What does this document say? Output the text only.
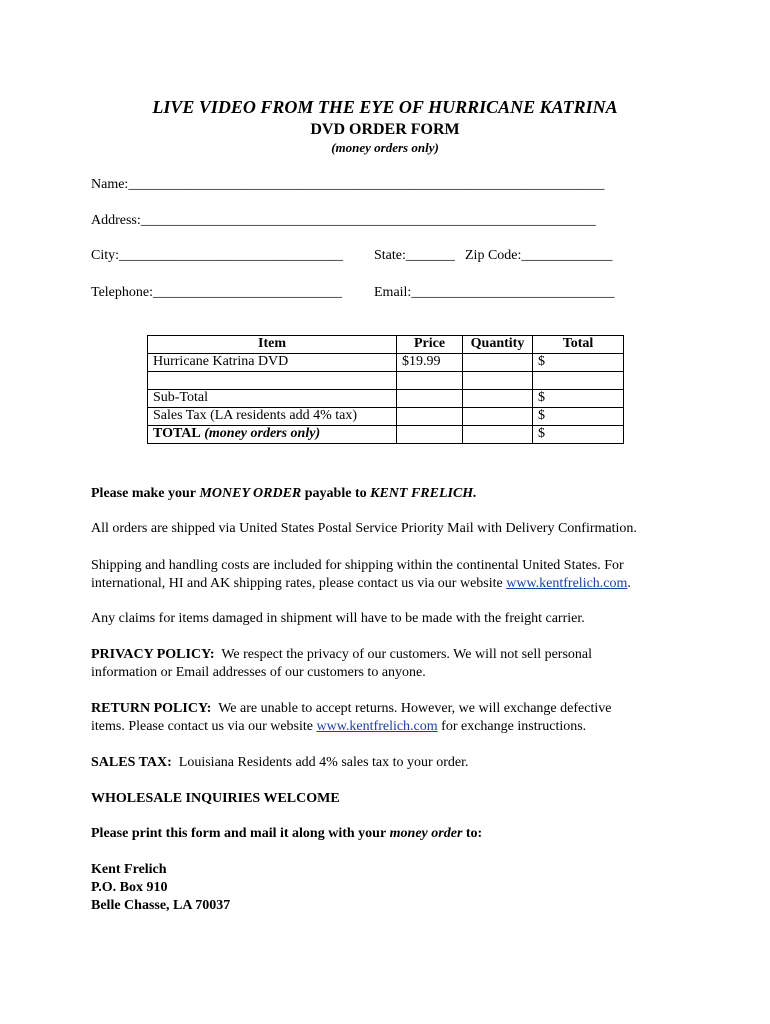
LIVE VIDEO FROM THE EYE OF HURRICANE KATRINA
DVD ORDER FORM
(money orders only)
Name:____________________________________________________________________
Address:_________________________________________________________________
City:________________________________ State:_______ Zip Code:_____________
Telephone:___________________________ Email:_____________________________
Item	Price	Quantity	Total
Hurricane Katrina DVD	$19.99		$

Sub-Total			$
Sales Tax (LA residents add 4% tax)			$
TOTAL (money orders only)			$
Please make your MONEY ORDER payable to KENT FRELICH.
All orders are shipped via United States Postal Service Priority Mail with Delivery Confirmation.
Shipping and handling costs are included for shipping within the continental United States. For
international, HI and AK shipping rates, please contact us via our website www.kentfrelich.com.
Any claims for items damaged in shipment will have to be made with the freight carrier.
PRIVACY POLICY: We respect the privacy of our customers. We will not sell personal
information or Email addresses of our customers to anyone.
RETURN POLICY: We are unable to accept returns. However, we will exchange defective
items. Please contact us via our website www.kentfrelich.com for exchange instructions.
SALES TAX: Louisiana Residents add 4% sales tax to your order.
WHOLESALE INQUIRIES WELCOME
Please print this form and mail it along with your money order to:
Kent Frelich
P.O. Box 910
Belle Chasse, LA 70037
